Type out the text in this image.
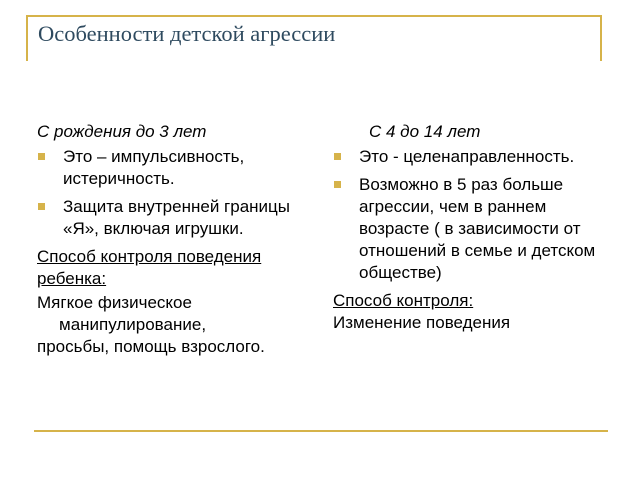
Особенности детской агрессии
С рождения до 3 лет
Это – импульсивность, истеричность.
Защита внутренней границы «Я», включая игрушки.
Способ контроля поведения ребенка:
Мягкое физическое манипулирование,
просьбы, помощь взрослого.
С 4 до 14 лет
Это - целенаправленность.
Возможно в 5 раз больше агрессии, чем в раннем возрасте ( в зависимости от отношений в семье и детском обществе)
Способ контроля:
Изменение поведения
